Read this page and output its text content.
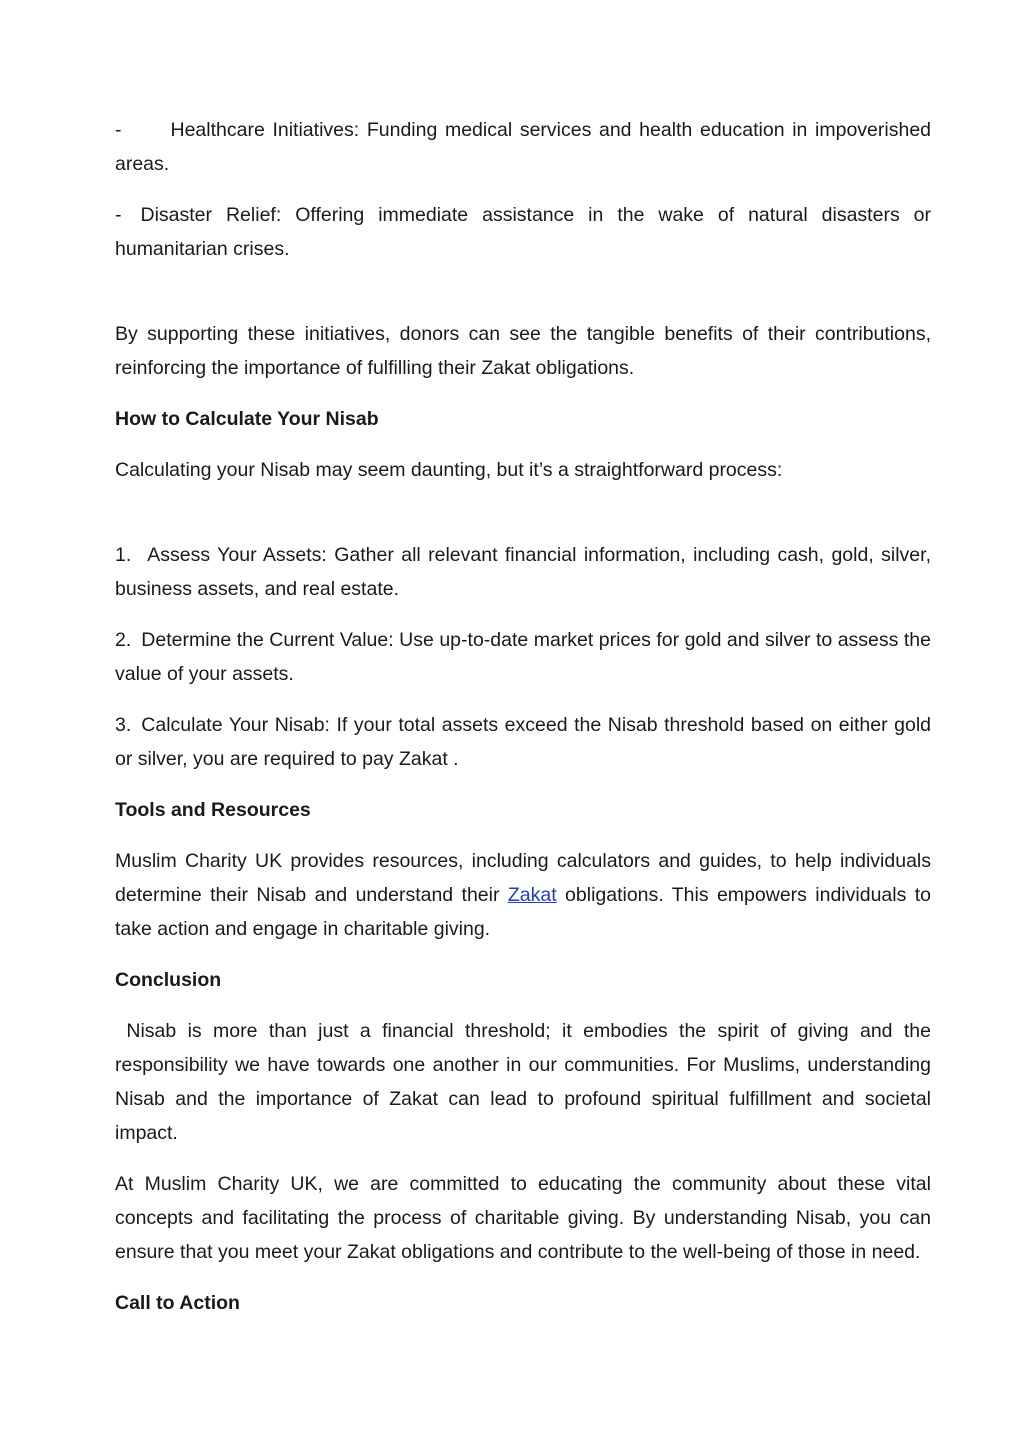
-	Healthcare Initiatives: Funding medical services and health education in impoverished areas.

- Disaster Relief: Offering immediate assistance in the wake of natural disasters or humanitarian crises.

By supporting these initiatives, donors can see the tangible benefits of their contributions, reinforcing the importance of fulfilling their Zakat obligations.

How to Calculate Your Nisab

Calculating your Nisab may seem daunting, but it’s a straightforward process:

1. Assess Your Assets: Gather all relevant financial information, including cash, gold, silver, business assets, and real estate.

2. Determine the Current Value: Use up-to-date market prices for gold and silver to assess the value of your assets.

3. Calculate Your Nisab: If your total assets exceed the Nisab threshold based on either gold or silver, you are required to pay Zakat .

Tools and Resources

Muslim Charity UK provides resources, including calculators and guides, to help individuals determine their Nisab and understand their Zakat obligations. This empowers individuals to take action and engage in charitable giving.

Conclusion

Nisab is more than just a financial threshold; it embodies the spirit of giving and the responsibility we have towards one another in our communities. For Muslims, understanding Nisab and the importance of Zakat can lead to profound spiritual fulfillment and societal impact.

At Muslim Charity UK, we are committed to educating the community about these vital concepts and facilitating the process of charitable giving. By understanding Nisab, you can ensure that you meet your Zakat obligations and contribute to the well-being of those in need.

Call to Action
